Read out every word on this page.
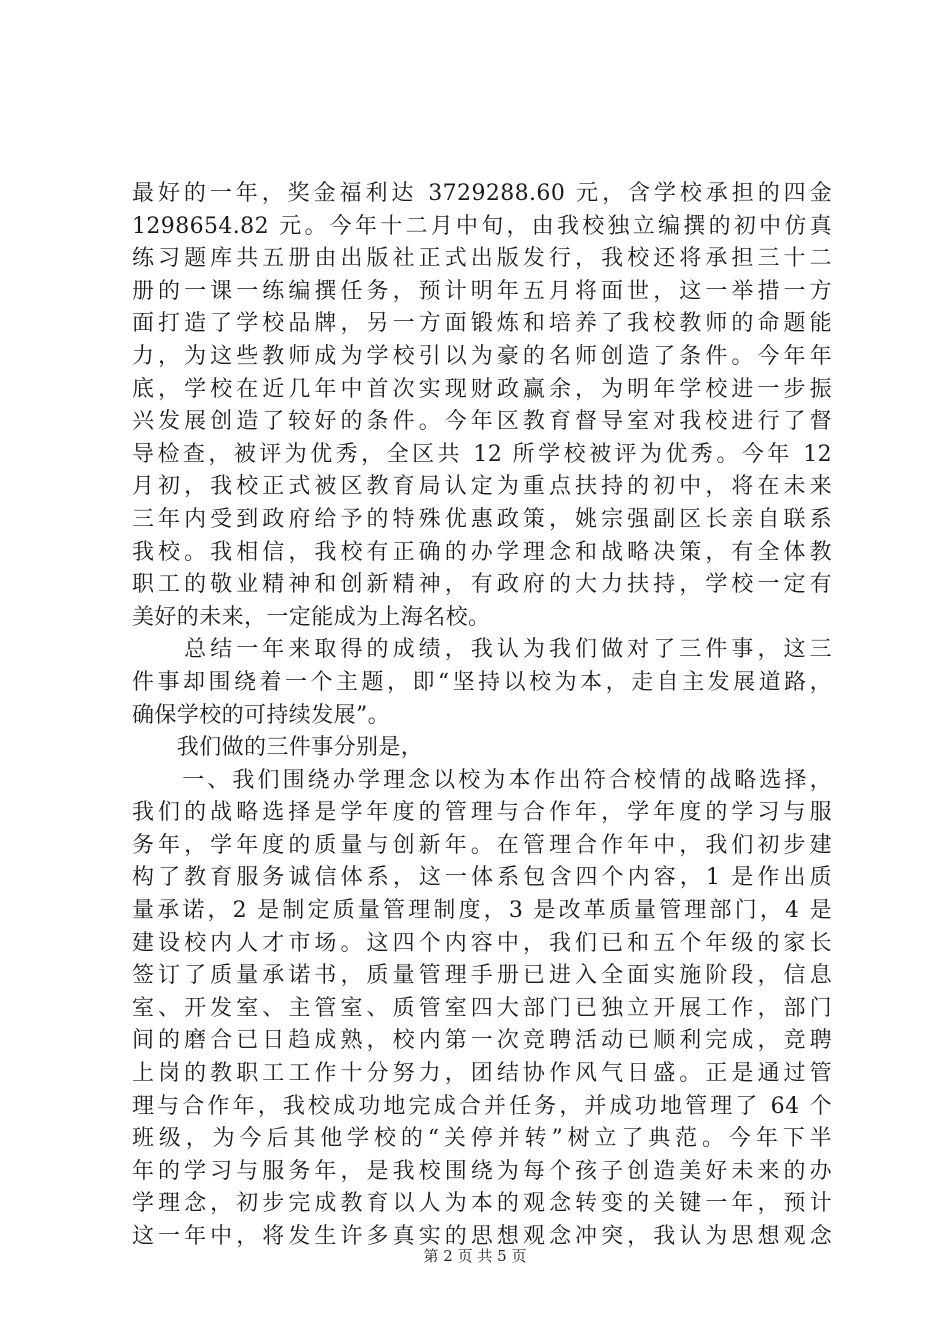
最好的一年，奖金福利达 3729288.60 元，含学校承担的四金
1298654.82 元。今年十二月中旬，由我校独立编撰的初中仿真
练习题库共五册由出版社正式出版发行，我校还将承担三十二
册的一课一练编撰任务，预计明年五月将面世，这一举措一方
面打造了学校品牌，另一方面锻炼和培养了我校教师的命题能
力，为这些教师成为学校引以为豪的名师创造了条件。今年年
底，学校在近几年中首次实现财政赢余，为明年学校进一步振
兴发展创造了较好的条件。今年区教育督导室对我校进行了督
导检查，被评为优秀，全区共 12 所学校被评为优秀。今年 12
月初，我校正式被区教育局认定为重点扶持的初中，将在未来
三年内受到政府给予的特殊优惠政策，姚宗强副区长亲自联系
我校。我相信，我校有正确的办学理念和战略决策，有全体教
职工的敬业精神和创新精神，有政府的大力扶持，学校一定有
美好的未来，一定能成为上海名校。
　　总结一年来取得的成绩，我认为我们做对了三件事，这三
件事却围绕着一个主题，即“坚持以校为本，走自主发展道路，
确保学校的可持续发展”。
　　我们做的三件事分别是，
　　一、我们围绕办学理念以校为本作出符合校情的战略选择，
我们的战略选择是学年度的管理与合作年，学年度的学习与服
务年，学年度的质量与创新年。在管理合作年中，我们初步建
构了教育服务诚信体系，这一体系包含四个内容，1 是作出质
量承诺，2 是制定质量管理制度，3 是改革质量管理部门，4 是
建设校内人才市场。这四个内容中，我们已和五个年级的家长
签订了质量承诺书，质量管理手册已进入全面实施阶段，信息
室、开发室、主管室、质管室四大部门已独立开展工作，部门
间的磨合已日趋成熟，校内第一次竞聘活动已顺利完成，竞聘
上岗的教职工工作十分努力，团结协作风气日盛。正是通过管
理与合作年，我校成功地完成合并任务，并成功地管理了 64 个
班级，为今后其他学校的“关停并转”树立了典范。今年下半
年的学习与服务年，是我校围绕为每个孩子创造美好未来的办
学理念，初步完成教育以人为本的观念转变的关键一年，预计
这一年中，将发生许多真实的思想观念冲突，我认为思想观念
第 2 页 共 5 页
